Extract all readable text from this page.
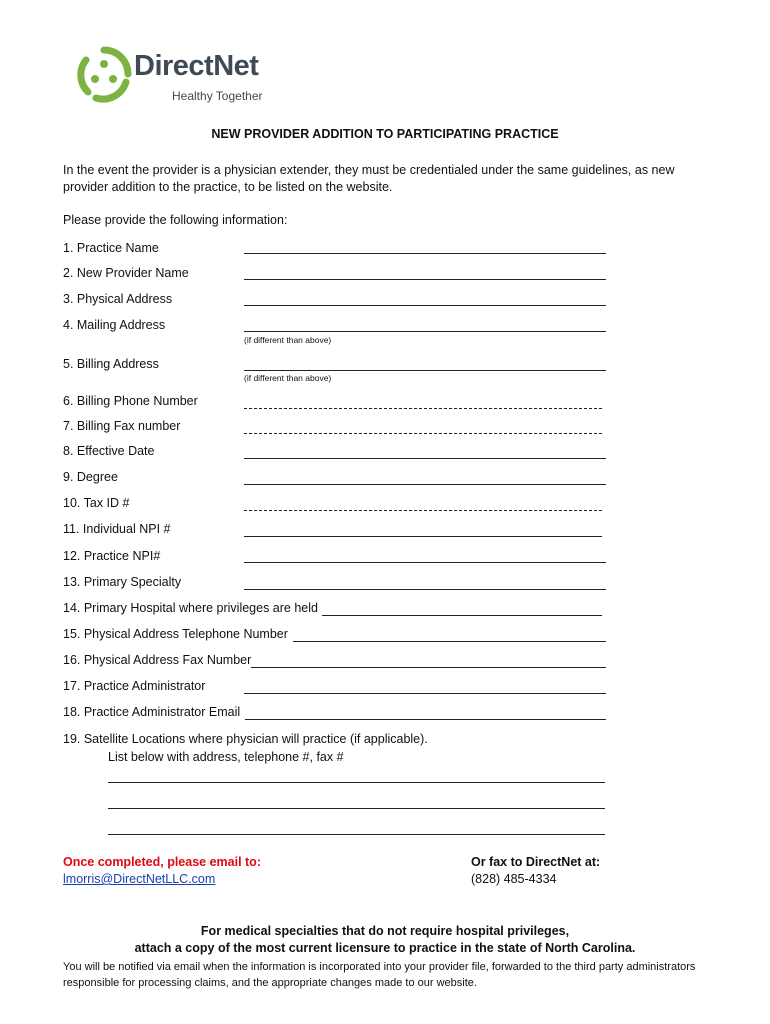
DirectNet
Healthy Together
NEW PROVIDER ADDITION TO PARTICIPATING PRACTICE
In the event the provider is a physician extender, they must be credentialed under the same guidelines, as new provider addition to the practice, to be listed on the website.
Please provide the following information:
1. Practice Name
2. New Provider Name
3. Physical Address
4. Mailing Address
(if different than above)
5. Billing Address
(if different than above)
6. Billing Phone Number
7. Billing Fax number
8. Effective Date
9. Degree
10. Tax ID #
11. Individual NPI #
12. Practice NPI#
13. Primary Specialty
14. Primary Hospital where privileges are held
15. Physical Address Telephone Number
16. Physical Address Fax Number
17. Practice Administrator
18. Practice Administrator Email
19. Satellite Locations where physician will practice (if applicable).
List below with address, telephone #, fax #
Once completed, please email to:
lmorris@DirectNetLLC.com
Or fax to DirectNet at:
(828) 485-4334
For medical specialties that do not require hospital privileges,
attach a copy of the most current licensure to practice in the state of North Carolina.
You will be notified via email when the information is incorporated into your provider file, forwarded to the third party administrators responsible for processing claims, and the appropriate changes made to our website.
